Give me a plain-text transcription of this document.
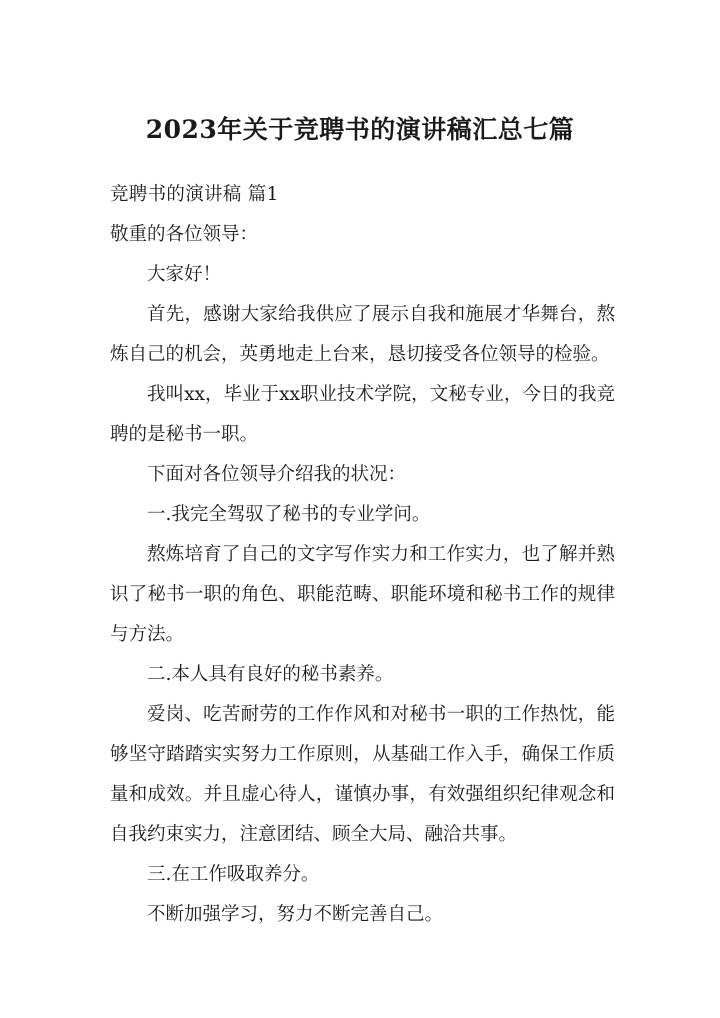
2023年关于竞聘书的演讲稿汇总七篇

竞聘书的演讲稿 篇1

敬重的各位领导：

大家好！

首先，感谢大家给我供应了展示自我和施展才华舞台，熬炼自己的机会，英勇地走上台来，恳切接受各位领导的检验。

我叫xx，毕业于xx职业技术学院，文秘专业，今日的我竞聘的是秘书一职。

下面对各位领导介绍我的状况：

一.我完全驾驭了秘书的专业学问。

熬炼培育了自己的文字写作实力和工作实力，也了解并熟识了秘书一职的角色、职能范畴、职能环境和秘书工作的规律与方法。

二.本人具有良好的秘书素养。

爱岗、吃苦耐劳的工作作风和对秘书一职的工作热忱，能够坚守踏踏实实努力工作原则，从基础工作入手，确保工作质量和成效。并且虚心待人，谨慎办事，有效强组织纪律观念和自我约束实力，注意团结、顾全大局、融洽共事。

三.在工作吸取养分。

不断加强学习，努力不断完善自己。
